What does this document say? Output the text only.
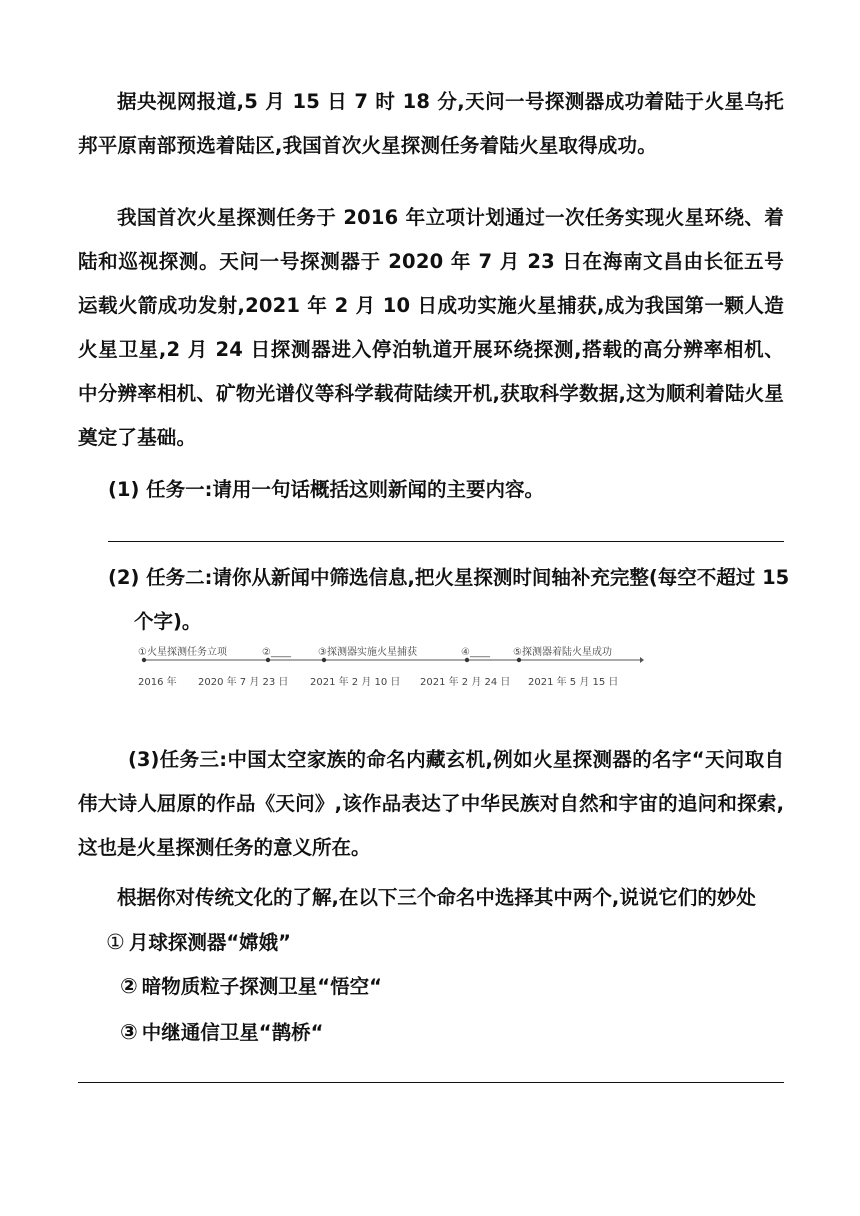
据央视网报道,5 月 15 日 7 时 18 分,天问一号探测器成功着陆于火星乌托邦平原南部预选着陆区,我国首次火星探测任务着陆火星取得成功。

我国首次火星探测任务于 2016 年立项计划通过一次任务实现火星环绕、着陆和巡视探测。天问一号探测器于 2020 年 7 月 23 日在海南文昌由长征五号运载火箭成功发射,2021 年 2 月 10 日成功实施火星捕获,成为我国第一颗人造火星卫星,2 月 24 日探测器进入停泊轨道开展环绕探测,搭载的高分辨率相机、中分辨率相机、矿物光谱仪等科学载荷陆续开机,获取科学数据,这为顺利着陆火星奠定了基础。

(1) 任务一:请用一句话概括这则新闻的主要内容。

(2) 任务二:请你从新闻中筛选信息,把火星探测时间轴补充完整(每空不超过 15 个字)。

①火星探测任务立项	②____	③探测器实施火星捕获	④____ ⑤探测器着陆火星成功
2016 年 2020 年 7 月 23 日 2021 年 2 月 10 日 2021 年 2 月 24 日 2021 年 5 月 15 日

(3)任务三:中国太空家族的命名内藏玄机,例如火星探测器的名字“天问取自伟大诗人屈原的作品《天问》,该作品表达了中华民族对自然和宇宙的追问和探索,这也是火星探测任务的意义所在。

根据你对传统文化的了解,在以下三个命名中选择其中两个,说说它们的妙处

① 月球探测器“嫦娥”

② 暗物质粒子探测卫星“悟空“

③ 中继通信卫星“鹊桥“
